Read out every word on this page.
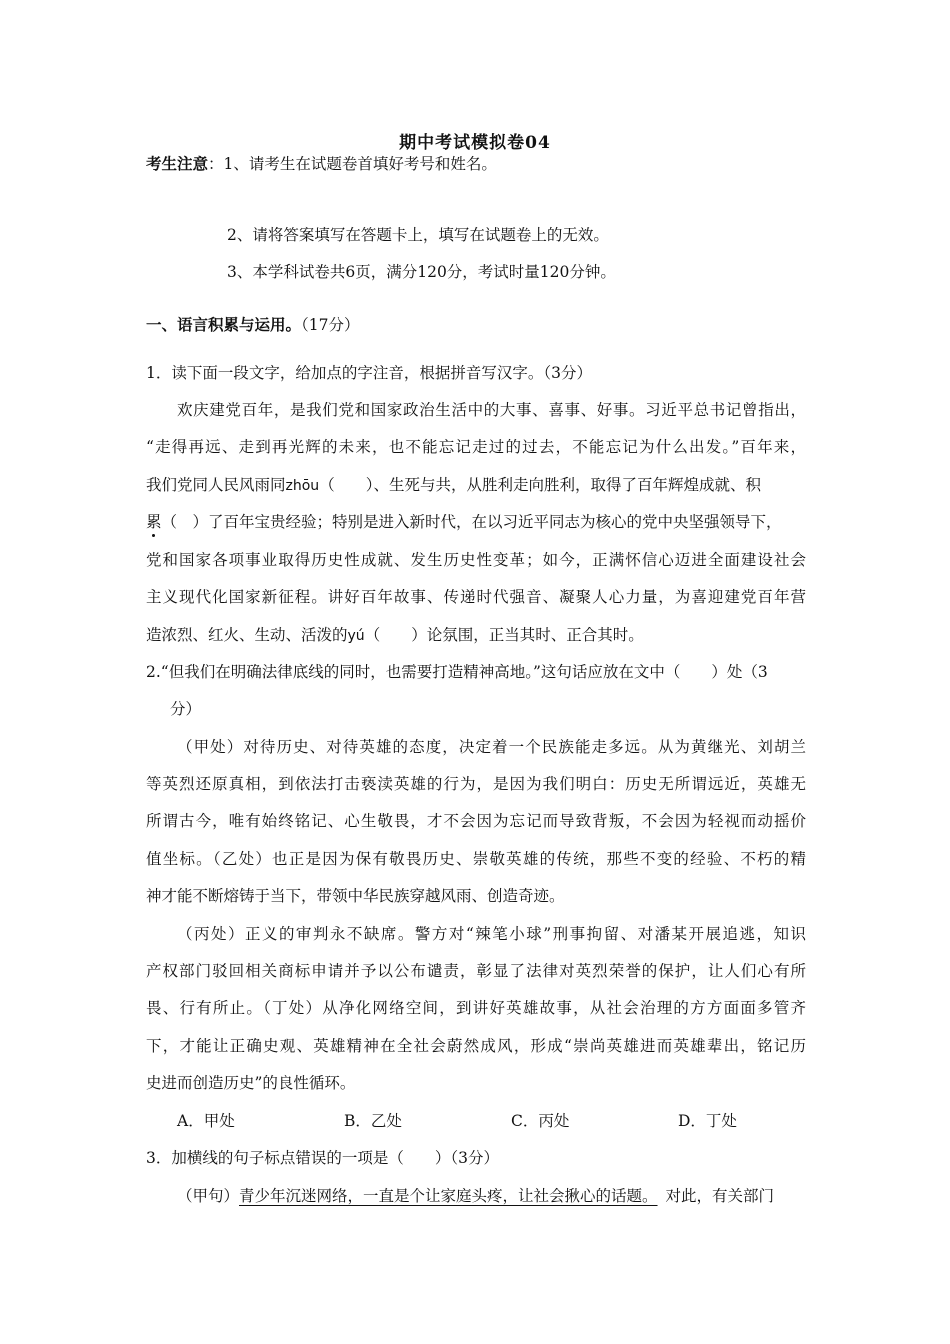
期中考试模拟卷04
考生注意：1、请考生在试题卷首填好考号和姓名。
2、请将答案填写在答题卡上，填写在试题卷上的无效。
3、本学科试卷共6页，满分120分，考试时量120分钟。
一、语言积累与运用。（17分）
1．读下面一段文字，给加点的字注音，根据拼音写汉字。（3分）
欢庆建党百年，是我们党和国家政治生活中的大事、喜事、好事。习近平总书记曾指出，
“走得再远、走到再光辉的未来，也不能忘记走过的过去，不能忘记为什么出发。”百年来，
我们党同人民风雨同zhōu（　　）、生死与共，从胜利走向胜利，取得了百年辉煌成就、积
累（　）了百年宝贵经验；特别是进入新时代，在以习近平同志为核心的党中央坚强领导下，
党和国家各项事业取得历史性成就、发生历史性变革；如今，正满怀信心迈进全面建设社会
主义现代化国家新征程。讲好百年故事、传递时代强音、凝聚人心力量，为喜迎建党百年营
造浓烈、红火、生动、活泼的yú（　　）论氛围，正当其时、正合其时。
2.“但我们在明确法律底线的同时，也需要打造精神高地。”这句话应放在文中（　　）处（3
分）
（甲处）对待历史、对待英雄的态度，决定着一个民族能走多远。从为黄继光、刘胡兰
等英烈还原真相，到依法打击亵渎英雄的行为，是因为我们明白：历史无所谓远近，英雄无
所谓古今，唯有始终铭记、心生敬畏，才不会因为忘记而导致背叛，不会因为轻视而动摇价
值坐标。（乙处）也正是因为保有敬畏历史、崇敬英雄的传统，那些不变的经验、不朽的精
神才能不断熔铸于当下，带领中华民族穿越风雨、创造奇迹。
（丙处）正义的审判永不缺席。警方对“辣笔小球”刑事拘留、对潘某开展追逃，知识
产权部门驳回相关商标申请并予以公布谴责，彰显了法律对英烈荣誉的保护，让人们心有所
畏、行有所止。（丁处）从净化网络空间，到讲好英雄故事，从社会治理的方方面面多管齐
下，才能让正确史观、英雄精神在全社会蔚然成风，形成“崇尚英雄进而英雄辈出，铭记历
史进而创造历史”的良性循环。
A．甲处	B．乙处	C．丙处	D．丁处
3．加横线的句子标点错误的一项是（　　）（3分）
（甲句）青少年沉迷网络，一直是个让家庭头疼，让社会揪心的话题。 对此，有关部门
